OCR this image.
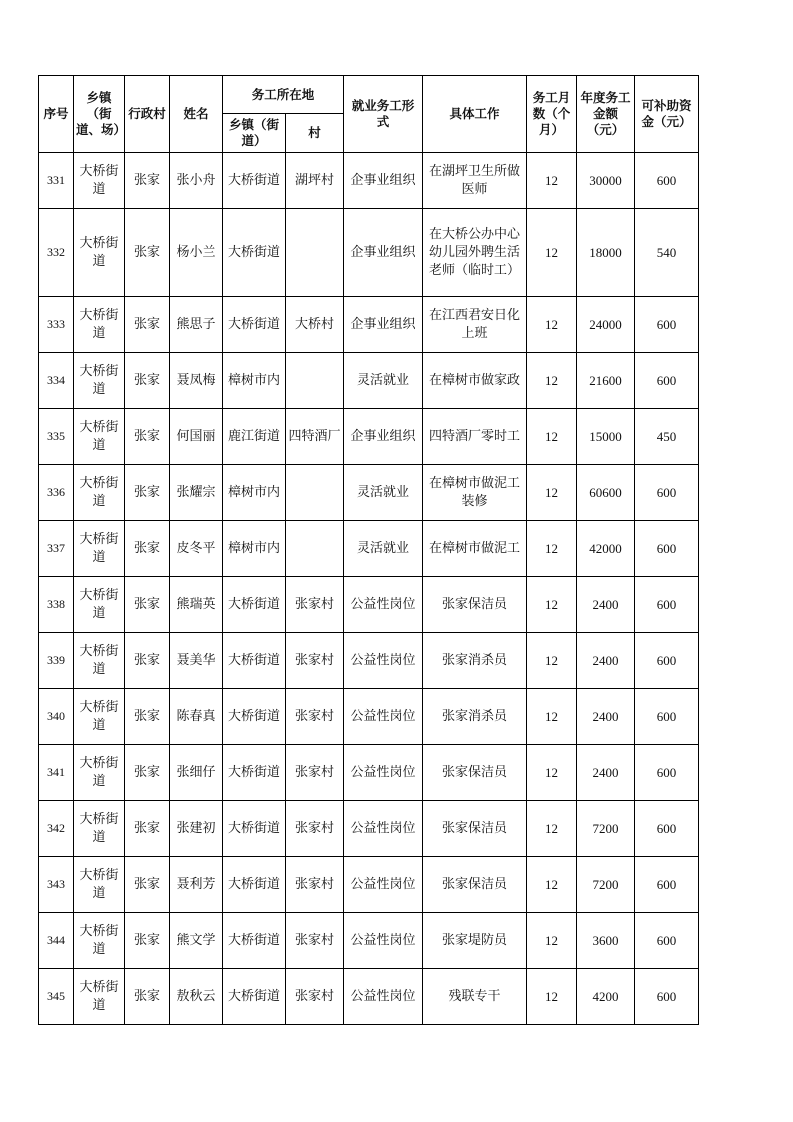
序号	乡镇（街道、场）	行政村	姓名	务工所在地		就业务工形式	具体工作	务工月数（个月）	年度务工金额（元）	可补助资金（元）
				乡镇（街道）	村					
331	大桥街道	张家	张小舟	大桥街道	湖坪村	企事业组织	在湖坪卫生所做医师	12	30000	600
332	大桥街道	张家	杨小兰	大桥街道		企事业组织	在大桥公办中心幼儿园外聘生活老师（临时工）	12	18000	540
333	大桥街道	张家	熊思子	大桥街道	大桥村	企事业组织	在江西君安日化上班	12	24000	600
334	大桥街道	张家	聂凤梅	樟树市内		灵活就业	在樟树市做家政	12	21600	600
335	大桥街道	张家	何国丽	鹿江街道	四特酒厂	企事业组织	四特酒厂零时工	12	15000	450
336	大桥街道	张家	张耀宗	樟树市内		灵活就业	在樟树市做泥工装修	12	60600	600
337	大桥街道	张家	皮冬平	樟树市内		灵活就业	在樟树市做泥工	12	42000	600
338	大桥街道	张家	熊瑞英	大桥街道	张家村	公益性岗位	张家保洁员	12	2400	600
339	大桥街道	张家	聂美华	大桥街道	张家村	公益性岗位	张家消杀员	12	2400	600
340	大桥街道	张家	陈春真	大桥街道	张家村	公益性岗位	张家消杀员	12	2400	600
341	大桥街道	张家	张细仔	大桥街道	张家村	公益性岗位	张家保洁员	12	2400	600
342	大桥街道	张家	张建初	大桥街道	张家村	公益性岗位	张家保洁员	12	7200	600
343	大桥街道	张家	聂利芳	大桥街道	张家村	公益性岗位	张家保洁员	12	7200	600
344	大桥街道	张家	熊文学	大桥街道	张家村	公益性岗位	张家堤防员	12	3600	600
345	大桥街道	张家	敖秋云	大桥街道	张家村	公益性岗位	残联专干	12	4200	600
